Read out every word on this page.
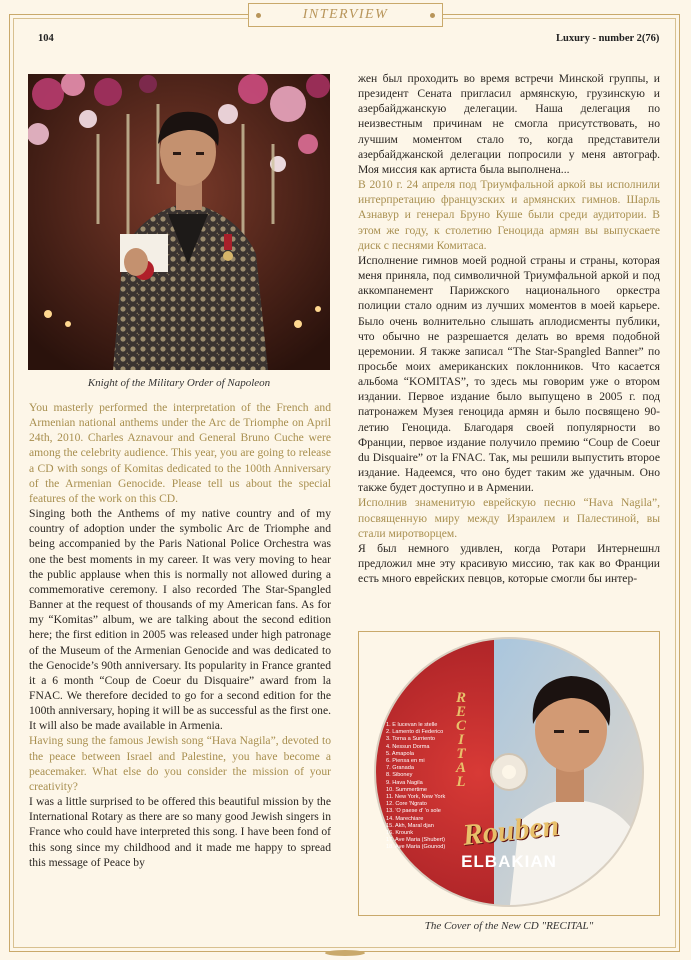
INTERVIEW
104	Luxury - number 2(76)
Knight of the Military Order of Napoleon

You masterly performed the interpretation of the French and Armenian national anthems under the Arc de Triomphe on April 24th, 2010. Charles Aznavour and General Bruno Cuche were among the celebrity audience. This year, you are going to release a CD with songs of Komitas dedicated to the 100th Anniversary of the Armenian Genocide. Please tell us about the special features of the work on this CD.

Singing both the Anthems of my native country and of my country of adoption under the symbolic Arc de Triomphe and being accompanied by the Paris National Police Orchestra was one the best moments in my career. It was very moving to hear the public applause when this is normally not allowed during a commemorative ceremony. I also recorded The Star-Spangled Banner at the request of thousands of my American fans. As for my “Komitas” album, we are talking about the second edition here; the first edition in 2005 was released under high patronage of the Museum of the Armenian Genocide and was dedicated to the Genocide’s 90th anniversary. Its popularity in France granted it a 6 month “Coup de Coeur du Disquaire” award from la FNAC. We therefore decided to go for a second edition for the 100th anniversary, hoping it will be as successful as the first one. It will also be made available in Armenia.

Having sung the famous Jewish song “Hava Nagila”, devoted to the peace between Israel and Palestine, you have become a peacemaker. What else do you consider the mission of your creativity?

I was a little surprised to be offered this beautiful mission by the International Rotary as there are so many good Jewish singers in France who could have interpreted this song. I have been fond of this song since my childhood and it made me happy to spread this message of Peace by

жен был проходить во время встречи Минской группы, и президент Сената пригласил армянскую, грузинскую и азербайджанскую делегации. Наша делегация по неизвестным причинам не смогла присутствовать, но лучшим моментом стало то, когда представители азербайджанской делегации попросили у меня автограф. Моя миссия как артиста была выполнена...

В 2010 г. 24 апреля под Триумфальной аркой вы исполнили интерпретацию французских и армянских гимнов. Шарль Азнавур и генерал Бруно Куше были среди аудитории. В этом же году, к столетию Геноцида армян вы выпускаете диск с песнями Комитаса.

Исполнение гимнов моей родной страны и страны, которая меня приняла, под символичной Триумфальной аркой и под аккомпанемент Парижского национального оркестра полиции стало одним из лучших моментов в моей карьере. Было очень волнительно слышать аплодисменты публики, что обычно не разрешается делать во время подобной церемонии. Я также записал “The Star-Spangled Banner” по просьбе моих американских поклонников. Что касается альбома “KOMITAS”, то здесь мы говорим уже о втором издании. Первое издание было выпущено в 2005 г. под патронажем Музея геноцида армян и было посвящено 90-летию Геноцида. Благодаря своей популярности во Франции, первое издание получило премию “Coup de Coeur du Disquaire” от la FNAC. Так, мы решили выпустить второе издание. Надеемся, что оно будет таким же удачным. Оно также будет доступно и в Армении.

Исполнив знаменитую еврейскую песню “Hava Nagila”, посвященную миру между Израилем и Палестиной, вы стали миротворцем.

Я был немного удивлен, когда Ротари Интернешнл предложил мне эту красивую миссию, так как во Франции есть много еврейских певцов, которые смогли бы интер-

RECITAL
1. E lucevan le stelle
2. Lamento di Federico
3. Torna a Surriento
4. Nessun Dorma
5. Amapola
6. Piensa en mi
7. Granada
8. Siboney
9. Hava Nagila
10. Summertime
11. New York, New York
12. Core 'Ngrato
13. 'O paese d' 'o sole
14. Marechiare
15. Akh, Maral djan
16. Krounk
17. Ave Maria (Shubert)
18. Ave Maria (Gounod) Rouben
ELBAKIAN
The Cover of the New CD "RECITAL"
